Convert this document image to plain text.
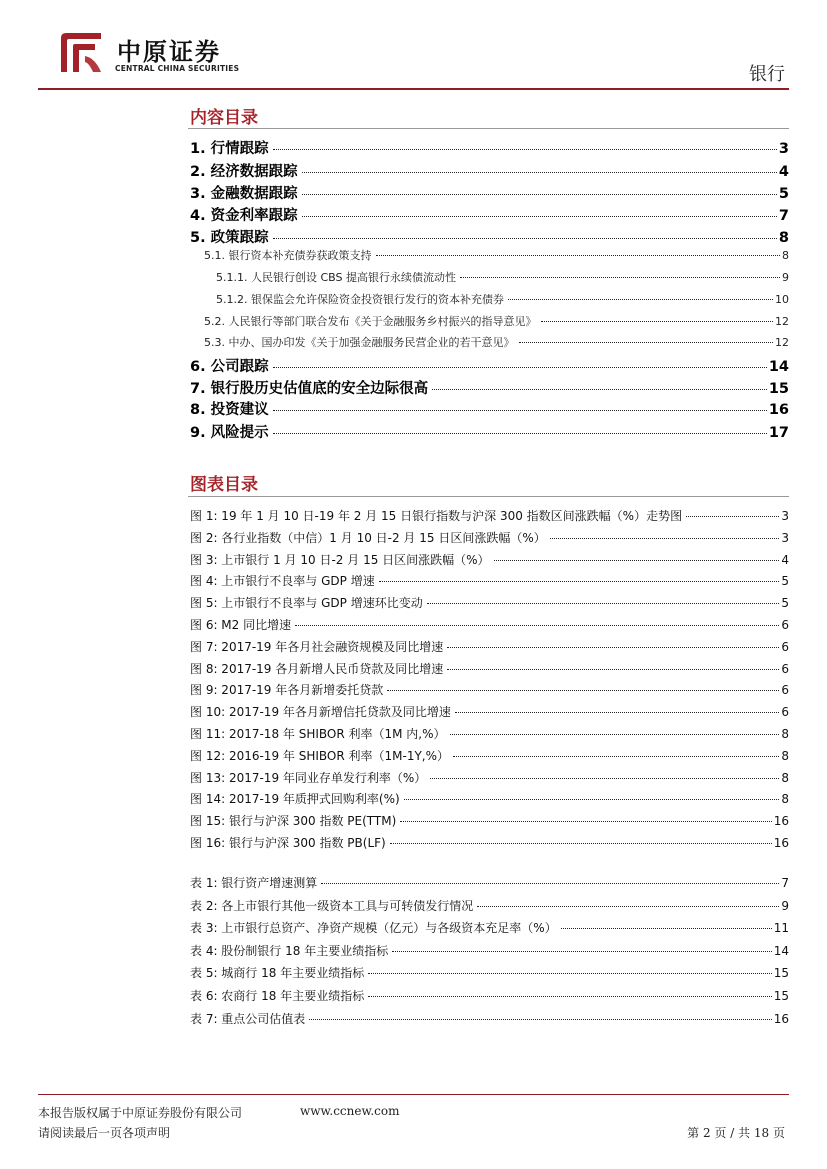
中原证券
CENTRAL CHINA SECURITIES	银行
内容目录
1. 行情跟踪	3
2. 经济数据跟踪	4
3. 金融数据跟踪	5
4. 资金利率跟踪	7
5. 政策跟踪	8
5.1. 银行资本补充债券获政策支持	8
5.1.1. 人民银行创设 CBS 提高银行永续债流动性	9
5.1.2. 银保监会允许保险资金投资银行发行的资本补充债券	10
5.2. 人民银行等部门联合发布《关于金融服务乡村振兴的指导意见》	12
5.3. 中办、国办印发《关于加强金融服务民营企业的若干意见》	12
6. 公司跟踪	14
7. 银行股历史估值底的安全边际很高	15
8. 投资建议	16
9. 风险提示	17
图表目录
图 1: 19 年 1 月 10 日-19 年 2 月 15 日银行指数与沪深 300 指数区间涨跌幅（%）走势图	3
图 2: 各行业指数（中信）1 月 10 日-2 月 15 日区间涨跌幅（%）	3
图 3: 上市银行 1 月 10 日-2 月 15 日区间涨跌幅（%）	4
图 4: 上市银行不良率与 GDP 增速	5
图 5: 上市银行不良率与 GDP 增速环比变动	5
图 6: M2 同比增速	6
图 7: 2017-19 年各月社会融资规模及同比增速	6
图 8: 2017-19 各月新增人民币贷款及同比增速	6
图 9: 2017-19 年各月新增委托贷款	6
图 10: 2017-19 年各月新增信托贷款及同比增速	6
图 11: 2017-18 年 SHIBOR 利率（1M 内,%）	8
图 12: 2016-19 年 SHIBOR 利率（1M-1Y,%）	8
图 13: 2017-19 年同业存单发行利率（%）	8
图 14: 2017-19 年质押式回购利率(%)	8
图 15: 银行与沪深 300 指数 PE(TTM)	16
图 16: 银行与沪深 300 指数 PB(LF)	16
表 1: 银行资产增速测算	7
表 2: 各上市银行其他一级资本工具与可转债发行情况	9
表 3: 上市银行总资产、净资产规模（亿元）与各级资本充足率（%）	11
表 4: 股份制银行 18 年主要业绩指标	14
表 5: 城商行 18 年主要业绩指标	15
表 6: 农商行 18 年主要业绩指标	15
表 7: 重点公司估值表	16
本报告版权属于中原证券股份有限公司	www.ccnew.com
请阅读最后一页各项声明	第 2 页 / 共 18 页
